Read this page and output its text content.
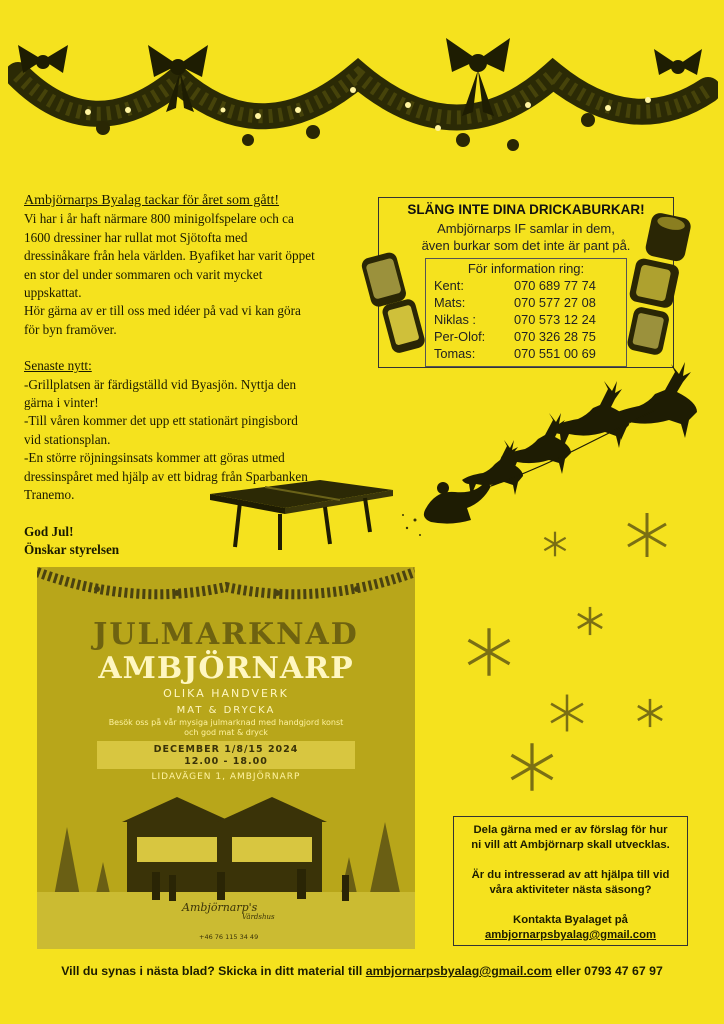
Ambjörnarps Byalag tackar för året som gått!

Vi har i år haft närmare 800 minigolfspelare och ca

1600 dressiner har rullat mot Sjötofta med

dressinåkare från hela världen. Byafiket har varit öppet

en stor del under sommaren och varit mycket

uppskattat.

Hör gärna av er till oss med idéer på vad vi kan göra

för byn framöver.

Senaste nytt:

-Grillplatsen är färdigställd vid Byasjön. Nyttja den

gärna i vinter!

-Till våren kommer det upp ett stationärt pingisbord

vid stationsplan.

-En större röjningsinsats kommer att göras utmed

dressinspåret med hjälp av ett bidrag från Sparbanken

Tranemo.

God Jul!

Önskar styrelsen

SLÄNG INTE DINA DRICKABURKAR!
Ambjörnarps IF samlar in dem,
även burkar som det inte är pant på.
För information ring:
Kent:	070 689 77 74
Mats:	070 577 27 08
Niklas :	070 573 12 24
Per-Olof: 070 326 28 75
Tomas:	070 551 00 69
JULMARKNAD
AMBJÖRNARP
OLIKA HANDVERK
MAT & DRYCKA
Besök oss på vår mysiga julmarknad med handgjord konst
och god mat & dryck
DECEMBER 1/8/15 2024
12.00 - 18.00
LIDAVÄGEN 1, AMBJÖRNARP
Ambjörnarp's
Värdshus
+46 76 115 34 49
Dela gärna med er av förslag för hur
ni vill att Ambjörnarp skall utvecklas.
Är du intresserad av att hjälpa till vid
våra aktiviteter nästa säsong?
Kontakta Byalaget på
ambjornarpsbyalag@gmail.com
Vill du synas i nästa blad? Skicka in ditt material till ambjornarpsbyalag@gmail.com eller 0793 47 67 97
